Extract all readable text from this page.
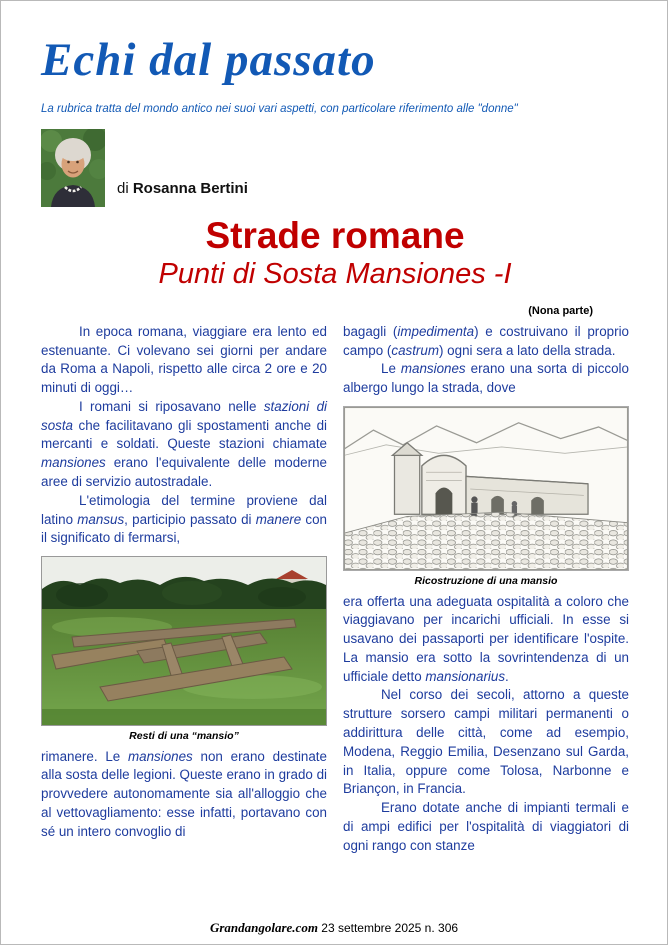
Echi dal passato

La rubrica tratta del mondo antico nei suoi vari aspetti, con particolare riferimento alle "donne"

di Rosanna Bertini
Strade romane
Punti di Sosta Mansiones -I
(Nona parte)

In epoca romana, viaggiare era lento ed estenuante. Ci volevano sei giorni per andare da Roma a Napoli, rispetto alle circa 2 ore e 20 minuti di oggi…

I romani si riposavano nelle stazioni di sosta che facilitavano gli spostamenti anche di mercanti e soldati. Queste stazioni chiamate mansiones erano l'equivalente delle moderne aree di servizio autostradale.

L'etimologia del termine proviene dal latino mansus, participio passato di manere con il significato di fermarsi,

Resti di una “mansio”

rimanere. Le mansiones non erano destinate alla sosta delle legioni. Queste erano in grado di provvedere autonomamente sia all'alloggio che al vettovagliamento: esse infatti, portavano con sé un intero convoglio di

bagagli (impedimenta) e costruivano il proprio campo (castrum) ogni sera a lato della strada.

Le mansiones erano una sorta di piccolo albergo lungo la strada, dove

Ricostruzione di una mansio

era offerta una adeguata ospitalità a coloro che viaggiavano per incarichi ufficiali. In esse si usavano dei passaporti per identificare l'ospite. La mansio era sotto la sovrintendenza di un ufficiale detto mansionarius.

Nel corso dei secoli, attorno a queste strutture sorsero campi militari permanenti o addirittura delle città, come ad esempio, Modena, Reggio Emilia, Desenzano sul Garda, in Italia, oppure come Tolosa, Narbonne e Briançon, in Francia.

Erano dotate anche di impianti termali e di ampi edifici per l'ospitalità di viaggiatori di ogni rango con stanze

Grandangolare.com 23 settembre 2025 n. 306
